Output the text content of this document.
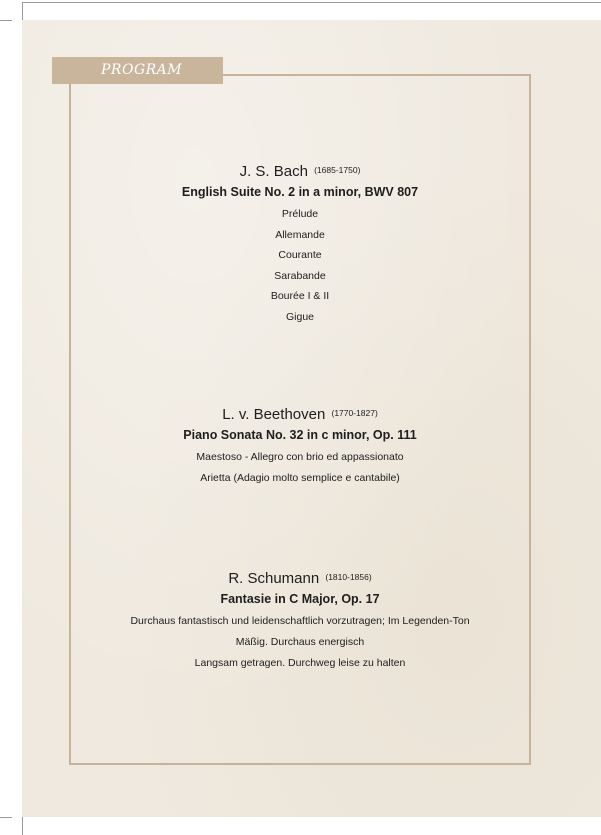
PROGRAM
J. S. Bach $^{(1685-1750)}$
English Suite No. 2 in a minor, BWV 807
Prélude
Allemande
Courante
Sarabande
Bourée I & II
Gigue
L. v. Beethoven $^{(1770-1827)}$
Piano Sonata No. 32 in c minor, Op. 111
Maestoso - Allegro con brio ed appassionato
Arietta (Adagio molto semplice e cantabile)
R. Schumann $^{(1810-1856)}$
Fantasie in C Major, Op. 17
Durchaus fantastisch und leidenschaftlich vorzutragen; Im Legenden-Ton
Mäßig. Durchaus energisch
Langsam getragen. Durchweg leise zu halten
